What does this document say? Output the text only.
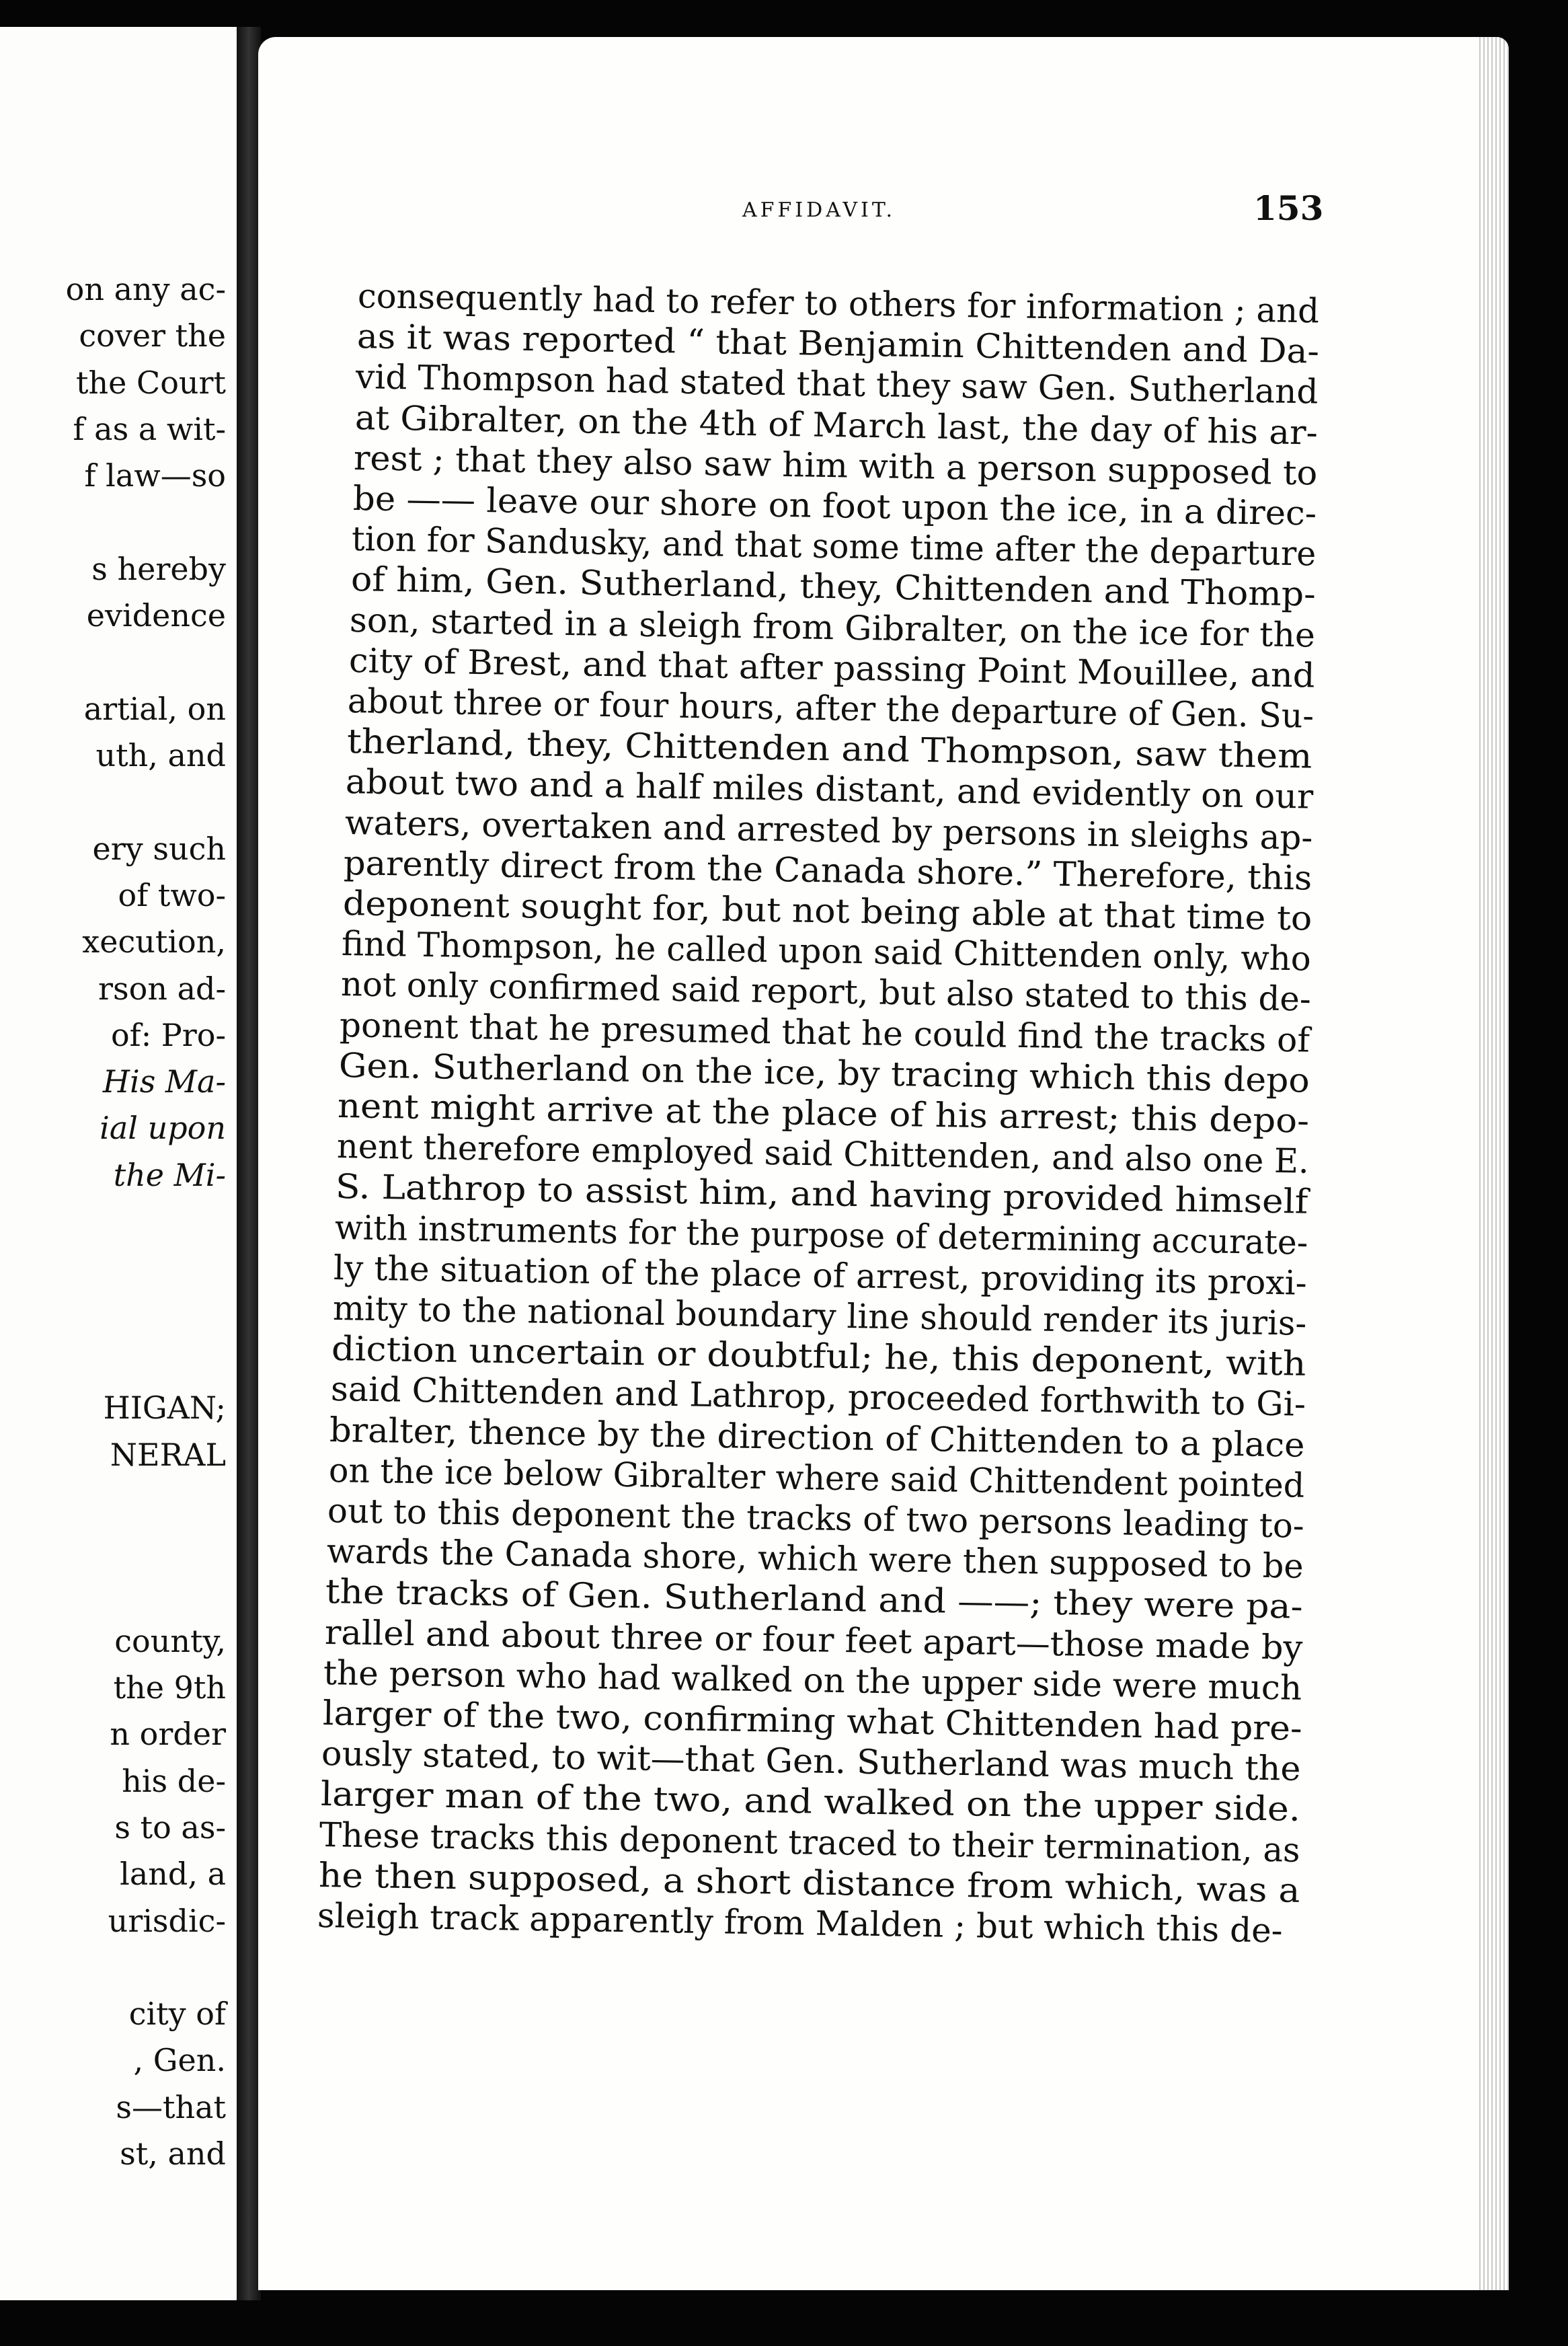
on any ac-
cover the
the Court
f as a wit-
f law—so
s hereby
evidence
artial, on
uth, and
ery such
of two-
xecution,
rson ad-
of: Pro-
His Ma-
ial upon
the Mi-
HIGAN;
NERAL
county,
the 9th
n order
his de-
s to as-
land, a
urisdic-
city of
, Gen.
s—that
st, and
AFFIDAVIT.	153
consequently had to refer to others for information ; and
as it was reported “ that Benjamin Chittenden and Da-
vid Thompson had stated that they saw Gen. Sutherland
at Gibralter, on the 4th of March last, the day of his ar-
rest ; that they also saw him with a person supposed to
be —— leave our shore on foot upon the ice, in a direc-
tion for Sandusky, and that some time after the departure
of him, Gen. Sutherland, they, Chittenden and Thomp-
son, started in a sleigh from Gibralter, on the ice for the
city of Brest, and that after passing Point Mouillee, and
about three or four hours, after the departure of Gen. Su-
therland, they, Chittenden and Thompson, saw them
about two and a half miles distant, and evidently on our
waters, overtaken and arrested by persons in sleighs ap-
parently direct from the Canada shore.” Therefore, this
deponent sought for, but not being able at that time to
find Thompson, he called upon said Chittenden only, who
not only confirmed said report, but also stated to this de-
ponent that he presumed that he could find the tracks of
Gen. Sutherland on the ice, by tracing which this depo
nent might arrive at the place of his arrest; this depo-
nent therefore employed said Chittenden, and also one E.
S. Lathrop to assist him, and having provided himself
with instruments for the purpose of determining accurate-
ly the situation of the place of arrest, providing its proxi-
mity to the national boundary line should render its juris-
diction uncertain or doubtful; he, this deponent, with
said Chittenden and Lathrop, proceeded forthwith to Gi-
bralter, thence by the direction of Chittenden to a place
on the ice below Gibralter where said Chittendent pointed
out to this deponent the tracks of two persons leading to-
wards the Canada shore, which were then supposed to be
the tracks of Gen. Sutherland and ——; they were pa-
rallel and about three or four feet apart—those made by
the person who had walked on the upper side were much
larger of the two, confirming what Chittenden had pre-
ously stated, to wit—that Gen. Sutherland was much the
larger man of the two, and walked on the upper side.
These tracks this deponent traced to their termination, as
he then supposed, a short distance from which, was a
sleigh track apparently from Malden ; but which this de-
